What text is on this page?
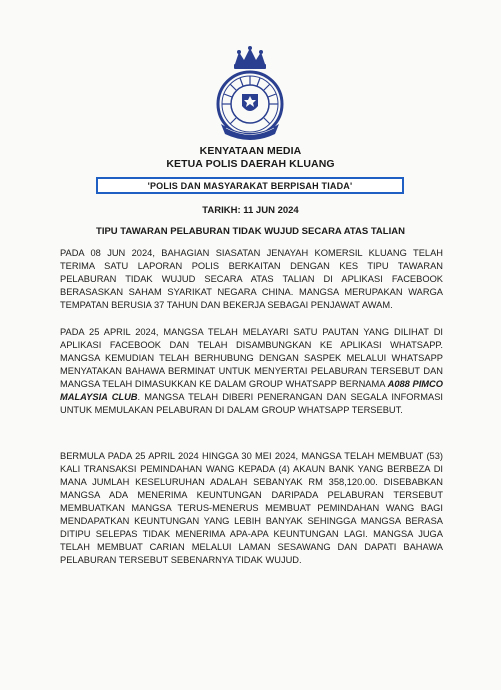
KENYATAAN MEDIA
KETUA POLIS DAERAH KLUANG
'POLIS DAN MASYARAKAT BERPISAH TIADA'
TARIKH: 11 JUN 2024
TIPU TAWARAN PELABURAN TIDAK WUJUD SECARA ATAS TALIAN
PADA 08 JUN 2024, BAHAGIAN SIASATAN JENAYAH KOMERSIL KLUANG TELAH TERIMA SATU LAPORAN POLIS BERKAITAN DENGAN KES TIPU TAWARAN PELABURAN TIDAK WUJUD SECARA ATAS TALIAN DI APLIKASI FACEBOOK BERASASKAN SAHAM SYARIKAT NEGARA CHINA. MANGSA MERUPAKAN WARGA TEMPATAN BERUSIA 37 TAHUN DAN BEKERJA SEBAGAI PENJAWAT AWAM.
PADA 25 APRIL 2024, MANGSA TELAH MELAYARI SATU PAUTAN YANG DILIHAT DI APLIKASI FACEBOOK DAN TELAH DISAMBUNGKAN KE APLIKASI WHATSAPP. MANGSA KEMUDIAN TELAH BERHUBUNG DENGAN SASPEK MELALUI WHATSAPP MENYATAKAN BAHAWA BERMINAT UNTUK MENYERTAI PELABURAN TERSEBUT DAN MANGSA TELAH DIMASUKKAN KE DALAM GROUP WHATSAPP BERNAMA A088 PIMCO MALAYSIA CLUB. MANGSA TELAH DIBERI PENERANGAN DAN SEGALA INFORMASI UNTUK MEMULAKAN PELABURAN DI DALAM GROUP WHATSAPP TERSEBUT.
BERMULA PADA 25 APRIL 2024 HINGGA 30 MEI 2024, MANGSA TELAH MEMBUAT (53) KALI TRANSAKSI PEMINDAHAN WANG KEPADA (4) AKAUN BANK YANG BERBEZA DI MANA JUMLAH KESELURUHAN ADALAH SEBANYAK RM 358,120.00. DISEBABKAN MANGSA ADA MENERIMA KEUNTUNGAN DARIPADA PELABURAN TERSEBUT MEMBUATKAN MANGSA TERUS-MENERUS MEMBUAT PEMINDAHAN WANG BAGI MENDAPATKAN KEUNTUNGAN YANG LEBIH BANYAK SEHINGGA MANGSA BERASA DITIPU SELEPAS TIDAK MENERIMA APA-APA KEUNTUNGAN LAGI. MANGSA JUGA TELAH MEMBUAT CARIAN MELALUI LAMAN SESAWANG DAN DAPATI BAHAWA PELABURAN TERSEBUT SEBENARNYA TIDAK WUJUD.
